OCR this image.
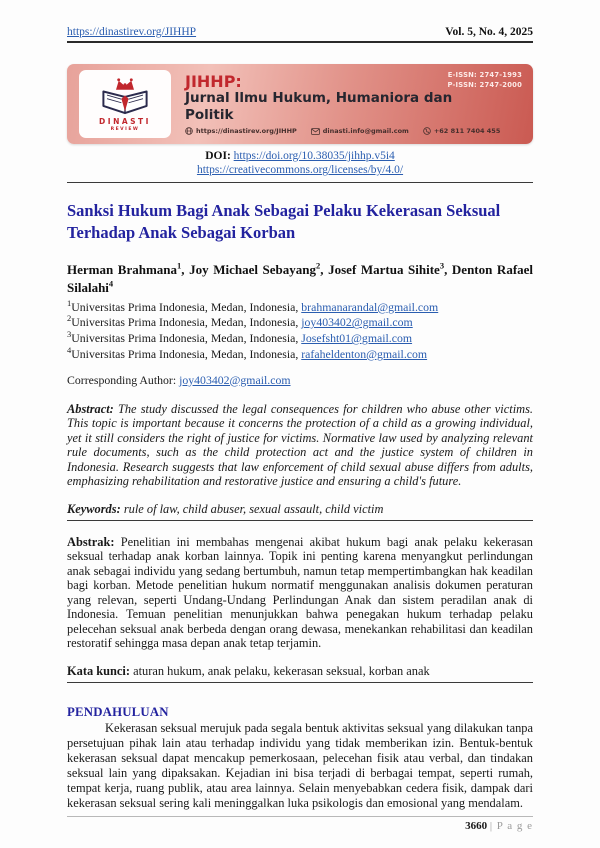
https://dinastirev.org/JIHHP	Vol. 5, No. 4, 2025
DINASTI
REVIEW
JIHHP:
Jurnal Ilmu Hukum, Humaniora dan Politik
https://dinastirev.org/JIHHP	dinasti.info@gmail.com	+62 811 7404 455
E-ISSN: 2747-1993
P-ISSN: 2747-2000
DOI: https://doi.org/10.38035/jihhp.v5i4
https://creativecommons.org/licenses/by/4.0/
Sanksi Hukum Bagi Anak Sebagai Pelaku Kekerasan Seksual Terhadap Anak Sebagai Korban

Herman Brahmana$^1$, Joy Michael Sebayang$^2$, Josef Martua Sihite$^3$, Denton Rafael Silalahi$^4$

$^1$Universitas Prima Indonesia, Medan, Indonesia, brahmanarandal@gmail.com
$^2$Universitas Prima Indonesia, Medan, Indonesia, joy403402@gmail.com
$^3$Universitas Prima Indonesia, Medan, Indonesia, Josefsht01@gmail.com
$^4$Universitas Prima Indonesia, Medan, Indonesia, rafaheldenton@gmail.com

Corresponding Author: joy403402@gmail.com

Abstract: The study discussed the legal consequences for children who abuse other victims. This topic is important because it concerns the protection of a child as a growing individual, yet it still considers the right of justice for victims. Normative law used by analyzing relevant rule documents, such as the child protection act and the justice system of children in Indonesia. Research suggests that law enforcement of child sexual abuse differs from adults, emphasizing rehabilitation and restorative justice and ensuring a child's future.

Keywords: rule of law, child abuser, sexual assault, child victim

Abstrak: Penelitian ini membahas mengenai akibat hukum bagi anak pelaku kekerasan seksual terhadap anak korban lainnya. Topik ini penting karena menyangkut perlindungan anak sebagai individu yang sedang bertumbuh, namun tetap mempertimbangkan hak keadilan bagi korban. Metode penelitian hukum normatif menggunakan analisis dokumen peraturan yang relevan, seperti Undang-Undang Perlindungan Anak dan sistem peradilan anak di Indonesia. Temuan penelitian menunjukkan bahwa penegakan hukum terhadap pelaku pelecehan seksual anak berbeda dengan orang dewasa, menekankan rehabilitasi dan keadilan restoratif sehingga masa depan anak tetap terjamin.

Kata kunci: aturan hukum, anak pelaku, kekerasan seksual, korban anak

PENDAHULUAN

Kekerasan seksual merujuk pada segala bentuk aktivitas seksual yang dilakukan tanpa persetujuan pihak lain atau terhadap individu yang tidak memberikan izin. Bentuk-bentuk kekerasan seksual dapat mencakup pemerkosaan, pelecehan fisik atau verbal, dan tindakan seksual lain yang dipaksakan. Kejadian ini bisa terjadi di berbagai tempat, seperti rumah, tempat kerja, ruang publik, atau area lainnya. Selain menyebabkan cedera fisik, dampak dari kekerasan seksual sering kali meninggalkan luka psikologis dan emosional yang mendalam.

3660 | P a g e
